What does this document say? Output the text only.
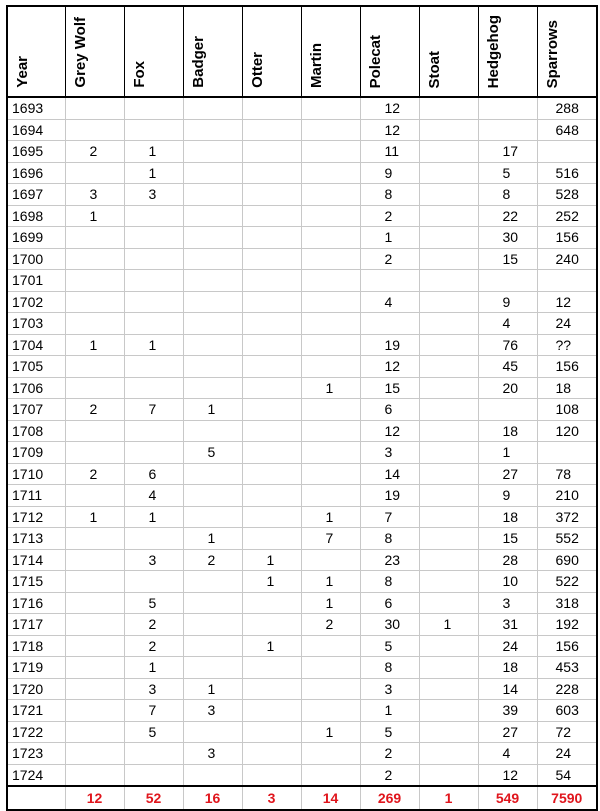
Year	Grey Wolf	Fox	Badger	Otter	Martin	Polecat	Stoat	Hedgehog	Sparrows
1693						12			288
1694						12			648
1695	2	1				11		17	
1696		1				9		5	516
1697	3	3				8		8	528
1698	1					2		22	252
1699						1		30	156
1700						2		15	240
1701									
1702						4		9	12
1703								4	24
1704	1	1				19		76	??
1705						12		45	156
1706					1	15		20	18
1707	2	7	1			6			108
1708						12		18	120
1709			5			3		1	
1710	2	6				14		27	78
1711		4				19		9	210
1712	1	1			1	7		18	372
1713			1		7	8		15	552
1714		3	2	1		23		28	690
1715				1	1	8		10	522
1716		5			1	6		3	318
1717		2			2	30	1	31	192
1718		2		1		5		24	156
1719		1				8		18	453
1720		3	1			3		14	228
1721		7	3			1		39	603
1722		5			1	5		27	72
1723			3			2		4	24
1724						2		12	54
	12	52	16	3	14	269	1	549	7590
